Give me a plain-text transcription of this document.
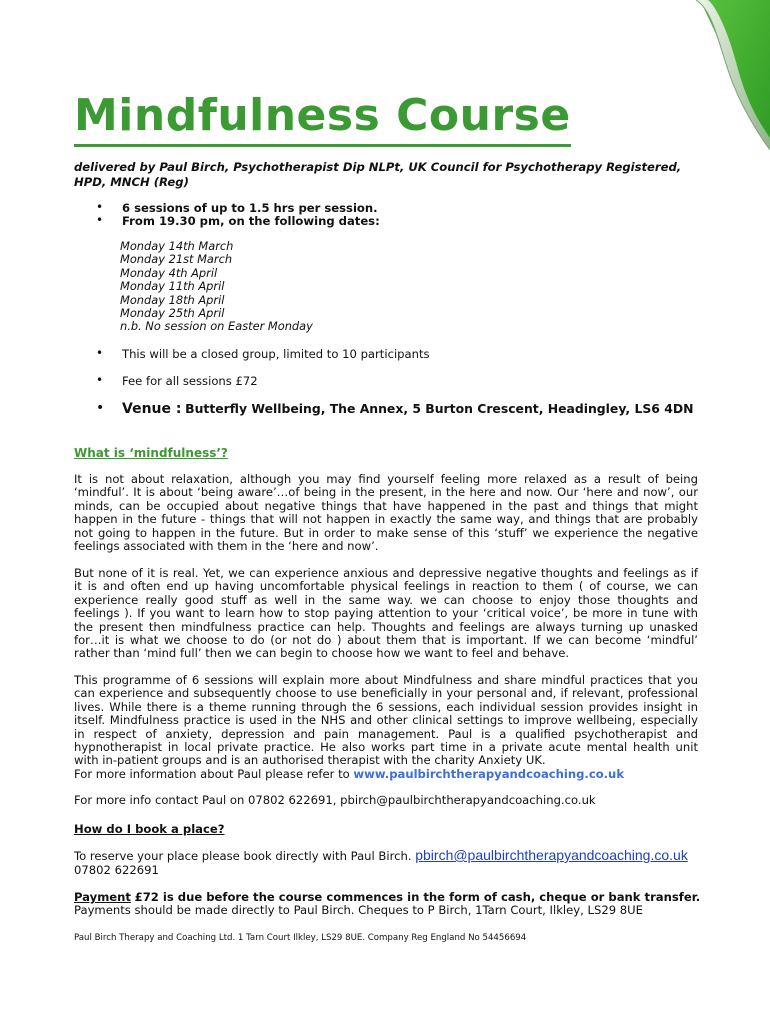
Mindfulness Course
delivered by Paul Birch, Psychotherapist Dip NLPt, UK Council for Psychotherapy Registered, HPD, MNCH (Reg)
• 6 sessions of up to 1.5 hrs per session.
• From 19.30 pm, on the following dates:
Monday 14th March
Monday 21st March
Monday 4th April
Monday 11th April
Monday 18th April
Monday 25th April
n.b. No session on Easter Monday
• This will be a closed group, limited to 10 participants
• Fee for all sessions £72
• Venue : Butterfly Wellbeing, The Annex, 5 Burton Crescent, Headingley, LS6 4DN
What is ‘mindfulness’?
It is not about relaxation, although you may find yourself feeling more relaxed as a result of being
‘mindful’. It is about ‘being aware’…of being in the present, in the here and now. Our ‘here and now’, our
minds, can be occupied about negative things that have happened in the past and things that might
happen in the future - things that will not happen in exactly the same way, and things that are probably
not going to happen in the future. But in order to make sense of this ‘stuff’ we experience the negative
feelings associated with them in the ‘here and now’.
But none of it is real. Yet, we can experience anxious and depressive negative thoughts and feelings as if
it is and often end up having uncomfortable physical feelings in reaction to them ( of course, we can
experience really good stuff as well in the same way. we can choose to enjoy those thoughts and
feelings ). If you want to learn how to stop paying attention to your ‘critical voice’, be more in tune with
the present then mindfulness practice can help. Thoughts and feelings are always turning up unasked
for…it is what we choose to do (or not do ) about them that is important. If we can become ‘mindful’
rather than ‘mind full’ then we can begin to choose how we want to feel and behave.
This programme of 6 sessions will explain more about Mindfulness and share mindful practices that you
can experience and subsequently choose to use beneficially in your personal and, if relevant, professional
lives. While there is a theme running through the 6 sessions, each individual session provides insight in
itself. Mindfulness practice is used in the NHS and other clinical settings to improve wellbeing, especially
in respect of anxiety, depression and pain management. Paul is a qualified psychotherapist and
hypnotherapist in local private practice. He also works part time in a private acute mental health unit
with in-patient groups and is an authorised therapist with the charity Anxiety UK.
For more information about Paul please refer to www.paulbirchtherapyandcoaching.co.uk
For more info contact Paul on 07802 622691, pbirch@paulbirchtherapyandcoaching.co.uk
How do I book a place?
To reserve your place please book directly with Paul Birch. pbirch@paulbirchtherapyandcoaching.co.uk
07802 622691
Payment £72 is due before the course commences in the form of cash, cheque or bank transfer.
Payments should be made directly to Paul Birch. Cheques to P Birch, 1Tarn Court, Ilkley, LS29 8UE
Paul Birch Therapy and Coaching Ltd. 1 Tarn Court Ilkley, LS29 8UE. Company Reg England No 54456694
